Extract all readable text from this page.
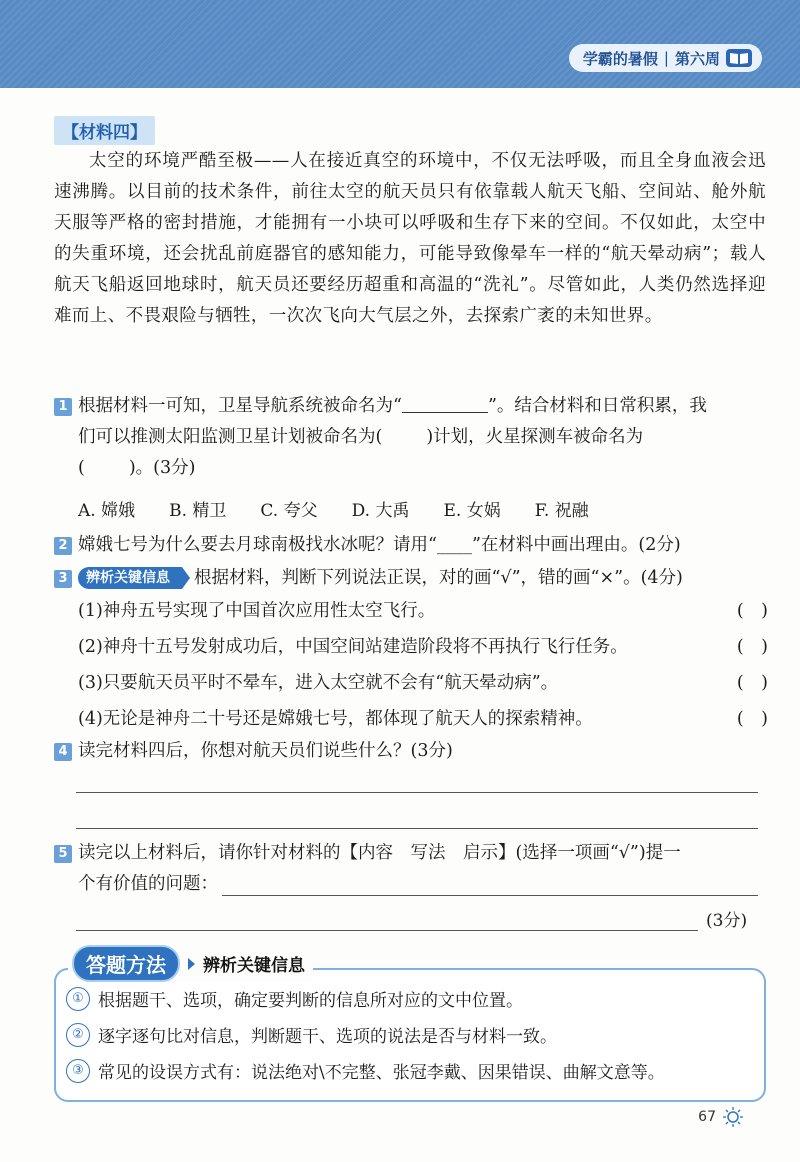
学霸的暑假 | 第六周
【材料四】
太空的环境严酷至极——人在接近真空的环境中，不仅无法呼吸，而且全身血液会迅速沸腾。以目前的技术条件，前往太空的航天员只有依靠载人航天飞船、空间站、舱外航天服等严格的密封措施，才能拥有一小块可以呼吸和生存下来的空间。不仅如此，太空中的失重环境，还会扰乱前庭器官的感知能力，可能导致像晕车一样的“航天晕动病”；载人航天飞船返回地球时，航天员还要经历超重和高温的“洗礼”。尽管如此，人类仍然选择迎难而上、不畏艰险与牺牲，一次次飞向大气层之外，去探索广袤的未知世界。
1 根据材料一可知，卫星导航系统被命名为“	”。结合材料和日常积累，我
们可以推测太阳监测卫星计划被命名为(	)计划，火星探测车被命名为
(	)。(3分)
A. 嫦娥 B. 精卫 C. 夸父 D. 大禹 E. 女娲 F. 祝融
2 嫦娥七号为什么要去月球南极找水冰呢？请用“____”在材料中画出理由。(2分)
3 辨析关键信息 根据材料，判断下列说法正误，对的画“√”，错的画“×”。(4分)
(1)神舟五号实现了中国首次应用性太空飞行。	(　)
(2)神舟十五号发射成功后，中国空间站建造阶段将不再执行飞行任务。	(　)
(3)只要航天员平时不晕车，进入太空就不会有“航天晕动病”。	(　)
(4)无论是神舟二十号还是嫦娥七号，都体现了航天人的探索精神。	(　)
4 读完材料四后，你想对航天员们说些什么？(3分)
5 读完以上材料后，请你针对材料的【内容　写法　启示】(选择一项画“√”)提一
个有价值的问题：
(3分)
答题方法	辨析关键信息
① 根据题干、选项，确定要判断的信息所对应的文中位置。
② 逐字逐句比对信息，判断题干、选项的说法是否与材料一致。
③ 常见的设误方式有：说法绝对\不完整、张冠李戴、因果错误、曲解文意等。
67
